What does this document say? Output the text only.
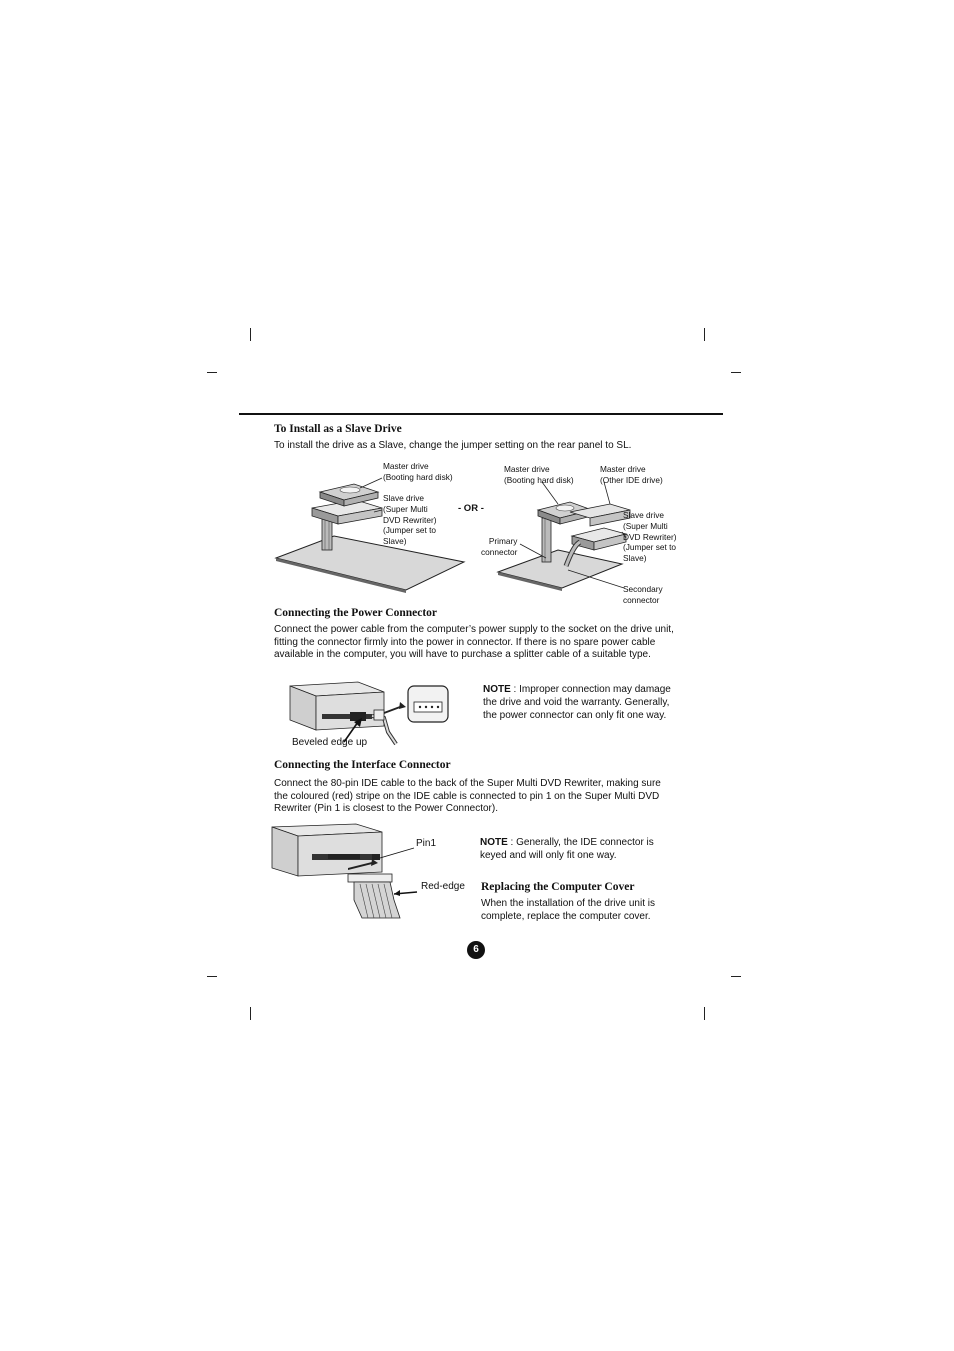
To Install as a Slave Drive

To install the drive as a Slave, change the jumper setting on the rear panel to SL.

Master drive
(Booting hard disk)
Slave drive
(Super Multi
DVD Rewriter)
(Jumper set to
Slave)
- OR -
Master drive
(Booting hard disk)
Master drive
(Other IDE drive)
Slave drive
(Super Multi
DVD Rewriter)
(Jumper set to
Slave)
Primary
connector
Secondary
connector
Connecting the Power Connector

Connect the power cable from the computer’s power supply to the socket on the drive unit, fitting the connector firmly into the power in connector. If there is no spare power cable available in the computer, you will have to purchase a splitter cable of a suitable type.

Beveled edge up
NOTE : Improper connection may damage the drive and void the warranty. Generally, the power connector can only fit one way.
Connecting the Interface Connector

Connect the 80-pin IDE cable to the back of the Super Multi DVD Rewriter, making sure the coloured (red) stripe on the IDE cable is connected to pin 1 on the Super Multi DVD Rewriter (Pin 1 is closest to the Power Connector).

Pin1
Red-edge
NOTE : Generally, the IDE connector is keyed and will only fit one way.
Replacing the Computer Cover

When the installation of the drive unit is complete, replace the computer cover.

6
